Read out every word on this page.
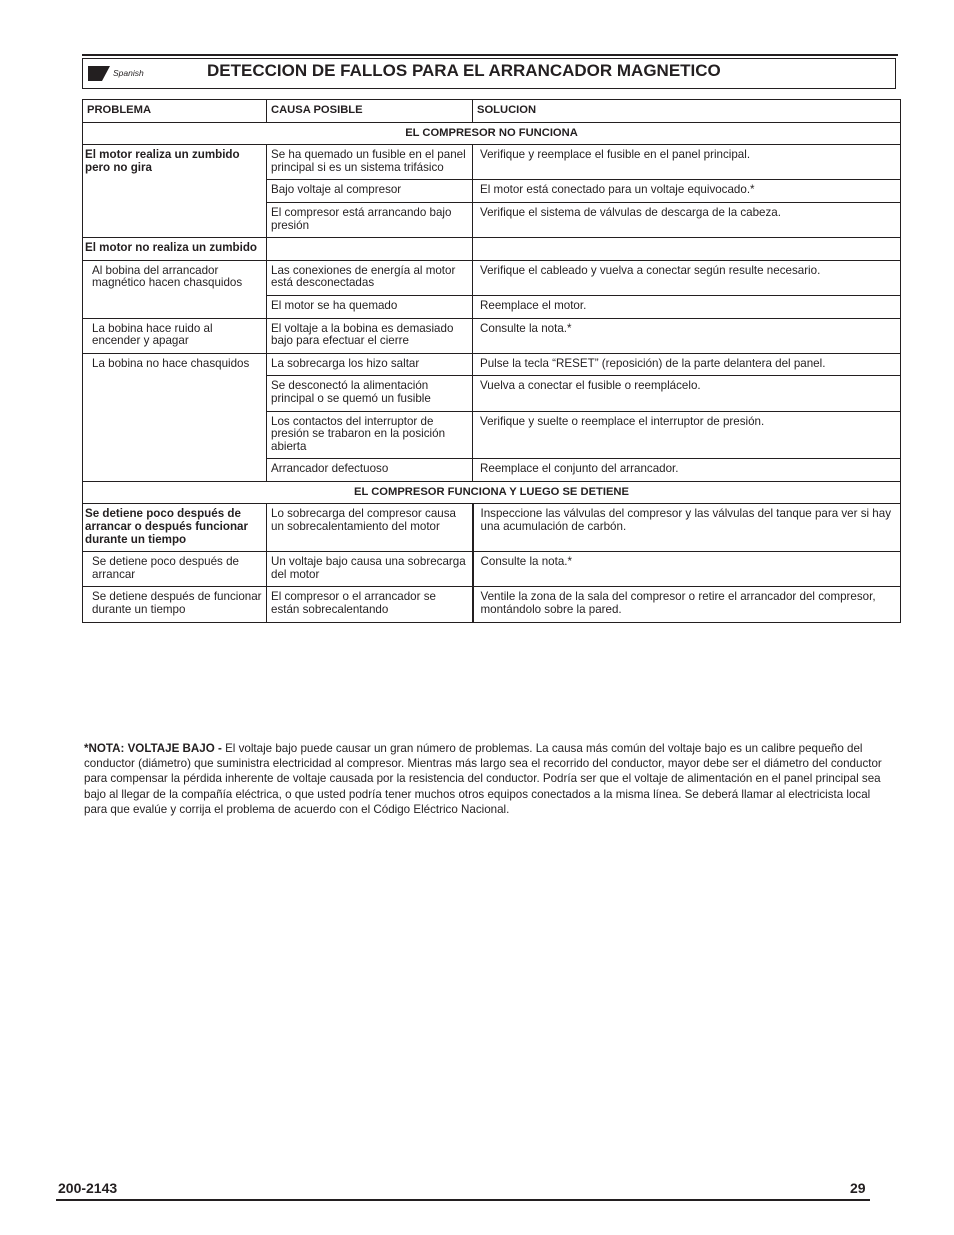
Spanish	DETECCION DE FALLOS PARA EL ARRANCADOR MAGNETICO
PROBLEMA	CAUSA POSIBLE	SOLUCION
EL COMPRESOR NO FUNCIONA		
El motor realiza un zumbido pero no gira	Se ha quemado un fusible en el panel principal si es un sistema trifásico	Verifique y reemplace el fusible en el panel principal.
	Bajo voltaje al compresor	El motor está conectado para un voltaje equivocado.*
	El compresor está arrancando bajo presión	Verifique el sistema de válvulas de descarga de la cabeza.
El motor no realiza un zumbido		
Al bobina del arrancador magnético hacen chasquidos	Las conexiones de energía al motor está desconectadas	Verifique el cableado y vuelva a conectar según resulte necesario.
	El motor se ha quemado	Reemplace el motor.
La bobina hace ruido al encender y apagar	El voltaje a la bobina es demasiado bajo para efectuar el cierre	Consulte la nota.*
La bobina no hace chasquidos	La sobrecarga los hizo saltar	Pulse la tecla “RESET” (reposición) de la parte delantera del panel.
	Se desconectó la alimentación principal o se quemó un fusible	Vuelva a conectar el fusible o reemplácelo.
	Los contactos del interruptor de presión se trabaron en la posición abierta	Verifique y suelte o reemplace el interruptor de presión.
	Arrancador defectuoso	Reemplace el conjunto del arrancador.
EL COMPRESOR FUNCIONA Y LUEGO SE DETIENE		
Se detiene poco después de arrancar o después funcionar durante un tiempo	Lo sobrecarga del compresor causa un sobrecalentamiento del motor	Inspeccione las válvulas del compresor y las válvulas del tanque para ver si hay una acumulación de carbón.
Se detiene poco después de arrancar	Un voltaje bajo causa una sobrecarga del motor	Consulte la nota.*
Se detiene después de funcionar durante un tiempo	El compresor o el arrancador se están sobrecalentando	Ventile la zona de la sala del compresor o retire el arrancador del compresor, montándolo sobre la pared.
*NOTA: VOLTAJE BAJO - El voltaje bajo puede causar un gran número de problemas. La causa más común del voltaje bajo es un calibre pequeño del conductor (diámetro) que suministra electricidad al compresor. Mientras más largo sea el recorrido del conductor, mayor debe ser el diámetro del conductor para compensar la pérdida inherente de voltaje causada por la resistencia del conductor. Podría ser que el voltaje de alimentación en el panel principal sea bajo al llegar de la compañía eléctrica, o que usted podría tener muchos otros equipos conectados a la misma línea. Se deberá llamar al electricista local para que evalúe y corrija el problema de acuerdo con el Código Eléctrico Nacional.
200-2143	29
